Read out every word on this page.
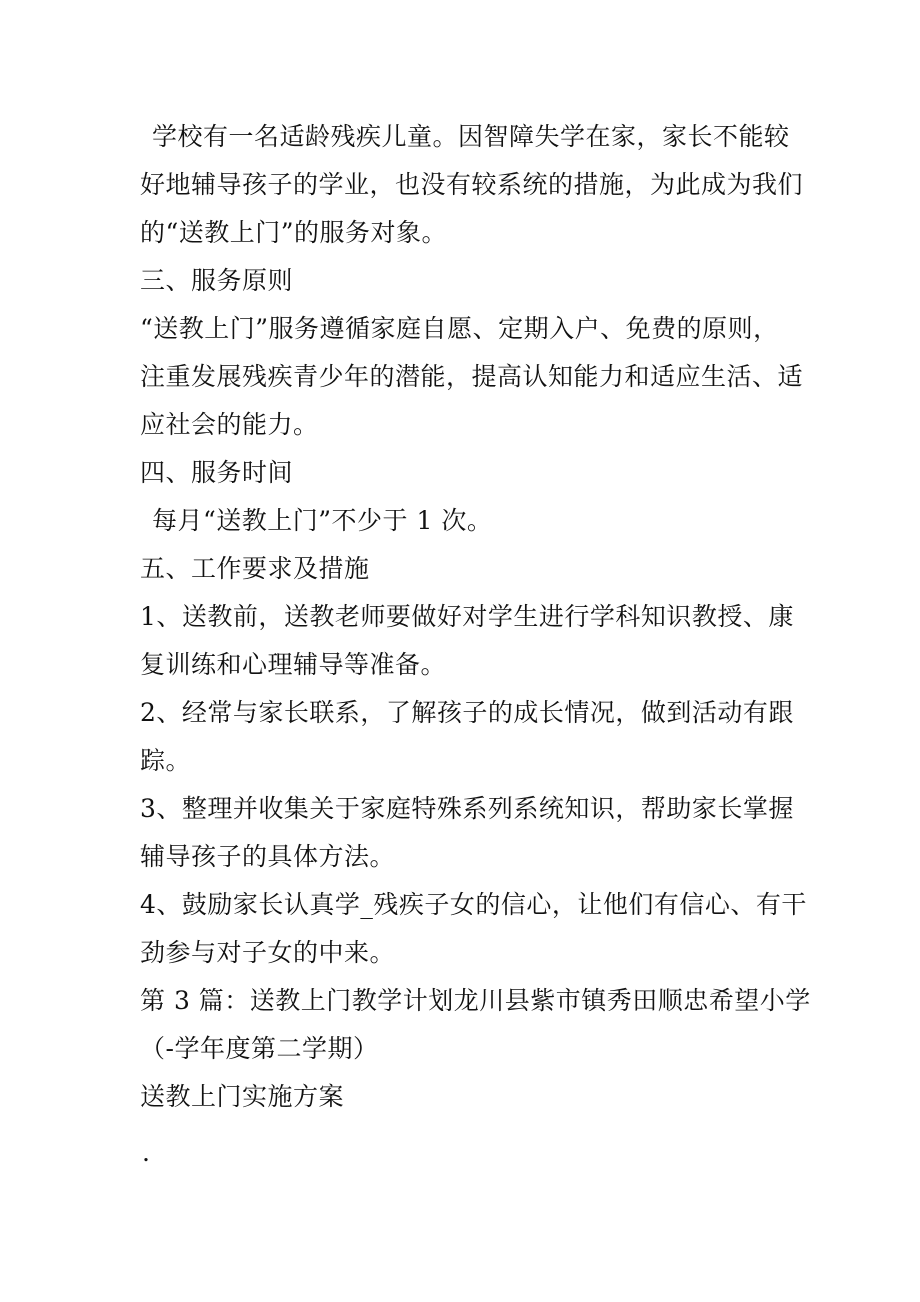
学校有一名适龄残疾儿童。因智障失学在家，家长不能较
好地辅导孩子的学业，也没有较系统的措施，为此成为我们
的“送教上门”的服务对象。
三、服务原则
“送教上门”服务遵循家庭自愿、定期入户、免费的原则，
注重发展残疾青少年的潜能，提高认知能力和适应生活、适
应社会的能力。
四、服务时间
每月“送教上门”不少于 1 次。
五、工作要求及措施
1、送教前，送教老师要做好对学生进行学科知识教授、康
复训练和心理辅导等准备。
2、经常与家长联系，了解孩子的成长情况，做到活动有跟
踪。
3、整理并收集关于家庭特殊系列系统知识，帮助家长掌握
辅导孩子的具体方法。
4、鼓励家长认真学_残疾子女的信心，让他们有信心、有干
劲参与对子女的中来。
第 3 篇：送教上门教学计划龙川县紫市镇秀田顺忠希望小学
（-学年度第二学期）
送教上门实施方案
.
